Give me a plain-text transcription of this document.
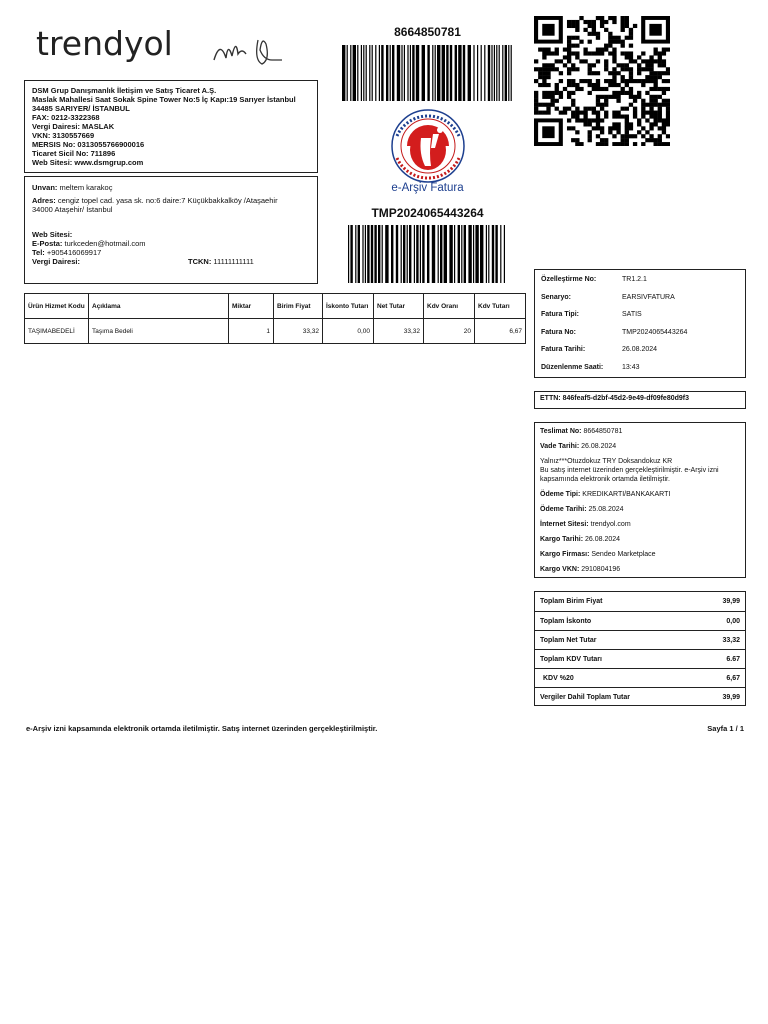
trendyol	8664850781
e-Arşiv Fatura
TMP2024065443264
DSM Grup Danışmanlık İletişim ve Satış Ticaret A.Ş.
Maslak Mahallesi Saat Sokak Spine Tower No:5 İç Kapı:19 Sarıyer İstanbul
34485 SARIYER/ İSTANBUL
FAX: 0212-3322368
Vergi Dairesi: MASLAK
VKN: 3130557669
MERSIS No: 0313055766900016
Ticaret Sicil No: 711896
Web Sitesi: www.dsmgrup.com
Unvan: meltem karakoç
Adres: cengiz topel cad. yasa sk. no:6 daire:7 Küçükbakkalköy /Ataşaehir
34000 Ataşehir/ İstanbul
Web Sitesi:
E-Posta: turkceden@hotmail.com
Tel: +905416069917
Vergi Dairesi:	TCKN: 11111111111
Ürün Hizmet Kodu	Açıklama	Miktar	Birim Fiyat	İskonto Tutarı	Net Tutar	Kdv Oranı	Kdv Tutarı
TAŞIMABEDELİ	Taşıma Bedeli	1	33,32	0,00	33,32	20	6,67
Özelleştirme No:	TR1.2.1
Senaryo:	EARSIVFATURA
Fatura Tipi:	SATIS
Fatura No:	TMP2024065443264
Fatura Tarihi:	26.08.2024
Düzenlenme Saati:	13:43
ETTN: 846feaf5-d2bf-45d2-9e49-df09fe80d9f3
Teslimat No: 8664850781
Vade Tarihi: 26.08.2024
Yalnız***Otuzdokuz TRY Doksandokuz KR
Bu satış internet üzerinden gerçekleştirilmiştir. e-Arşiv izni
kapsamında elektronik ortamda iletilmiştir.
Ödeme Tipi: KREDIKARTI/BANKAKARTI
Ödeme Tarihi: 25.08.2024
İnternet Sitesi: trendyol.com
Kargo Tarihi: 26.08.2024
Kargo Firması: Sendeo Marketplace
Kargo VKN: 2910804196
Toplam Birim Fiyat	39,99
Toplam İskonto	0,00
Toplam Net Tutar	33,32
Toplam KDV Tutarı	6.67
KDV %20	6,67
Vergiler Dahil Toplam Tutar	39,99
e-Arşiv izni kapsamında elektronik ortamda iletilmiştir. Satış internet üzerinden gerçekleştirilmiştir.	Sayfa 1 / 1
